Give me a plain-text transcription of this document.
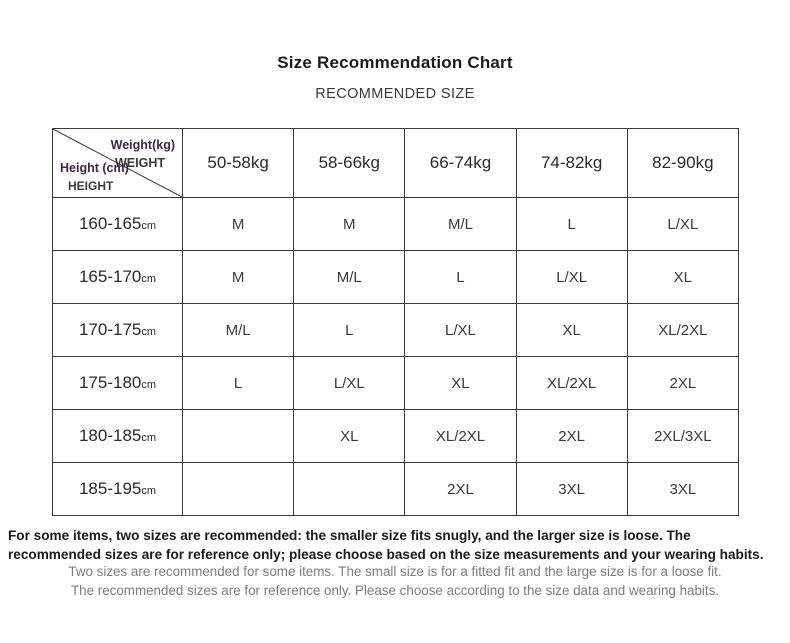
Size Recommendation Chart
RECOMMENDED SIZE
Weight(kg)
WEIGHT
Height (cm)
HEIGHT	50-58kg	58-66kg	66-74kg	74-82kg	82-90kg
160-165cm	M	M	M/L	L	L/XL
165-170cm	M	M/L	L	L/XL	XL
170-175cm	M/L	L	L/XL	XL	XL/2XL
175-180cm	L	L/XL	XL	XL/2XL	2XL
180-185cm		XL	XL/2XL	2XL	2XL/3XL
185-195cm			2XL	3XL	3XL
For some items, two sizes are recommended: the smaller size fits snugly, and the larger size is loose. The recommended sizes are for reference only; please choose based on the size measurements and your wearing habits.
Two sizes are recommended for some items. The small size is for a fitted fit and the large size is for a loose fit.
The recommended sizes are for reference only. Please choose according to the size data and wearing habits.
